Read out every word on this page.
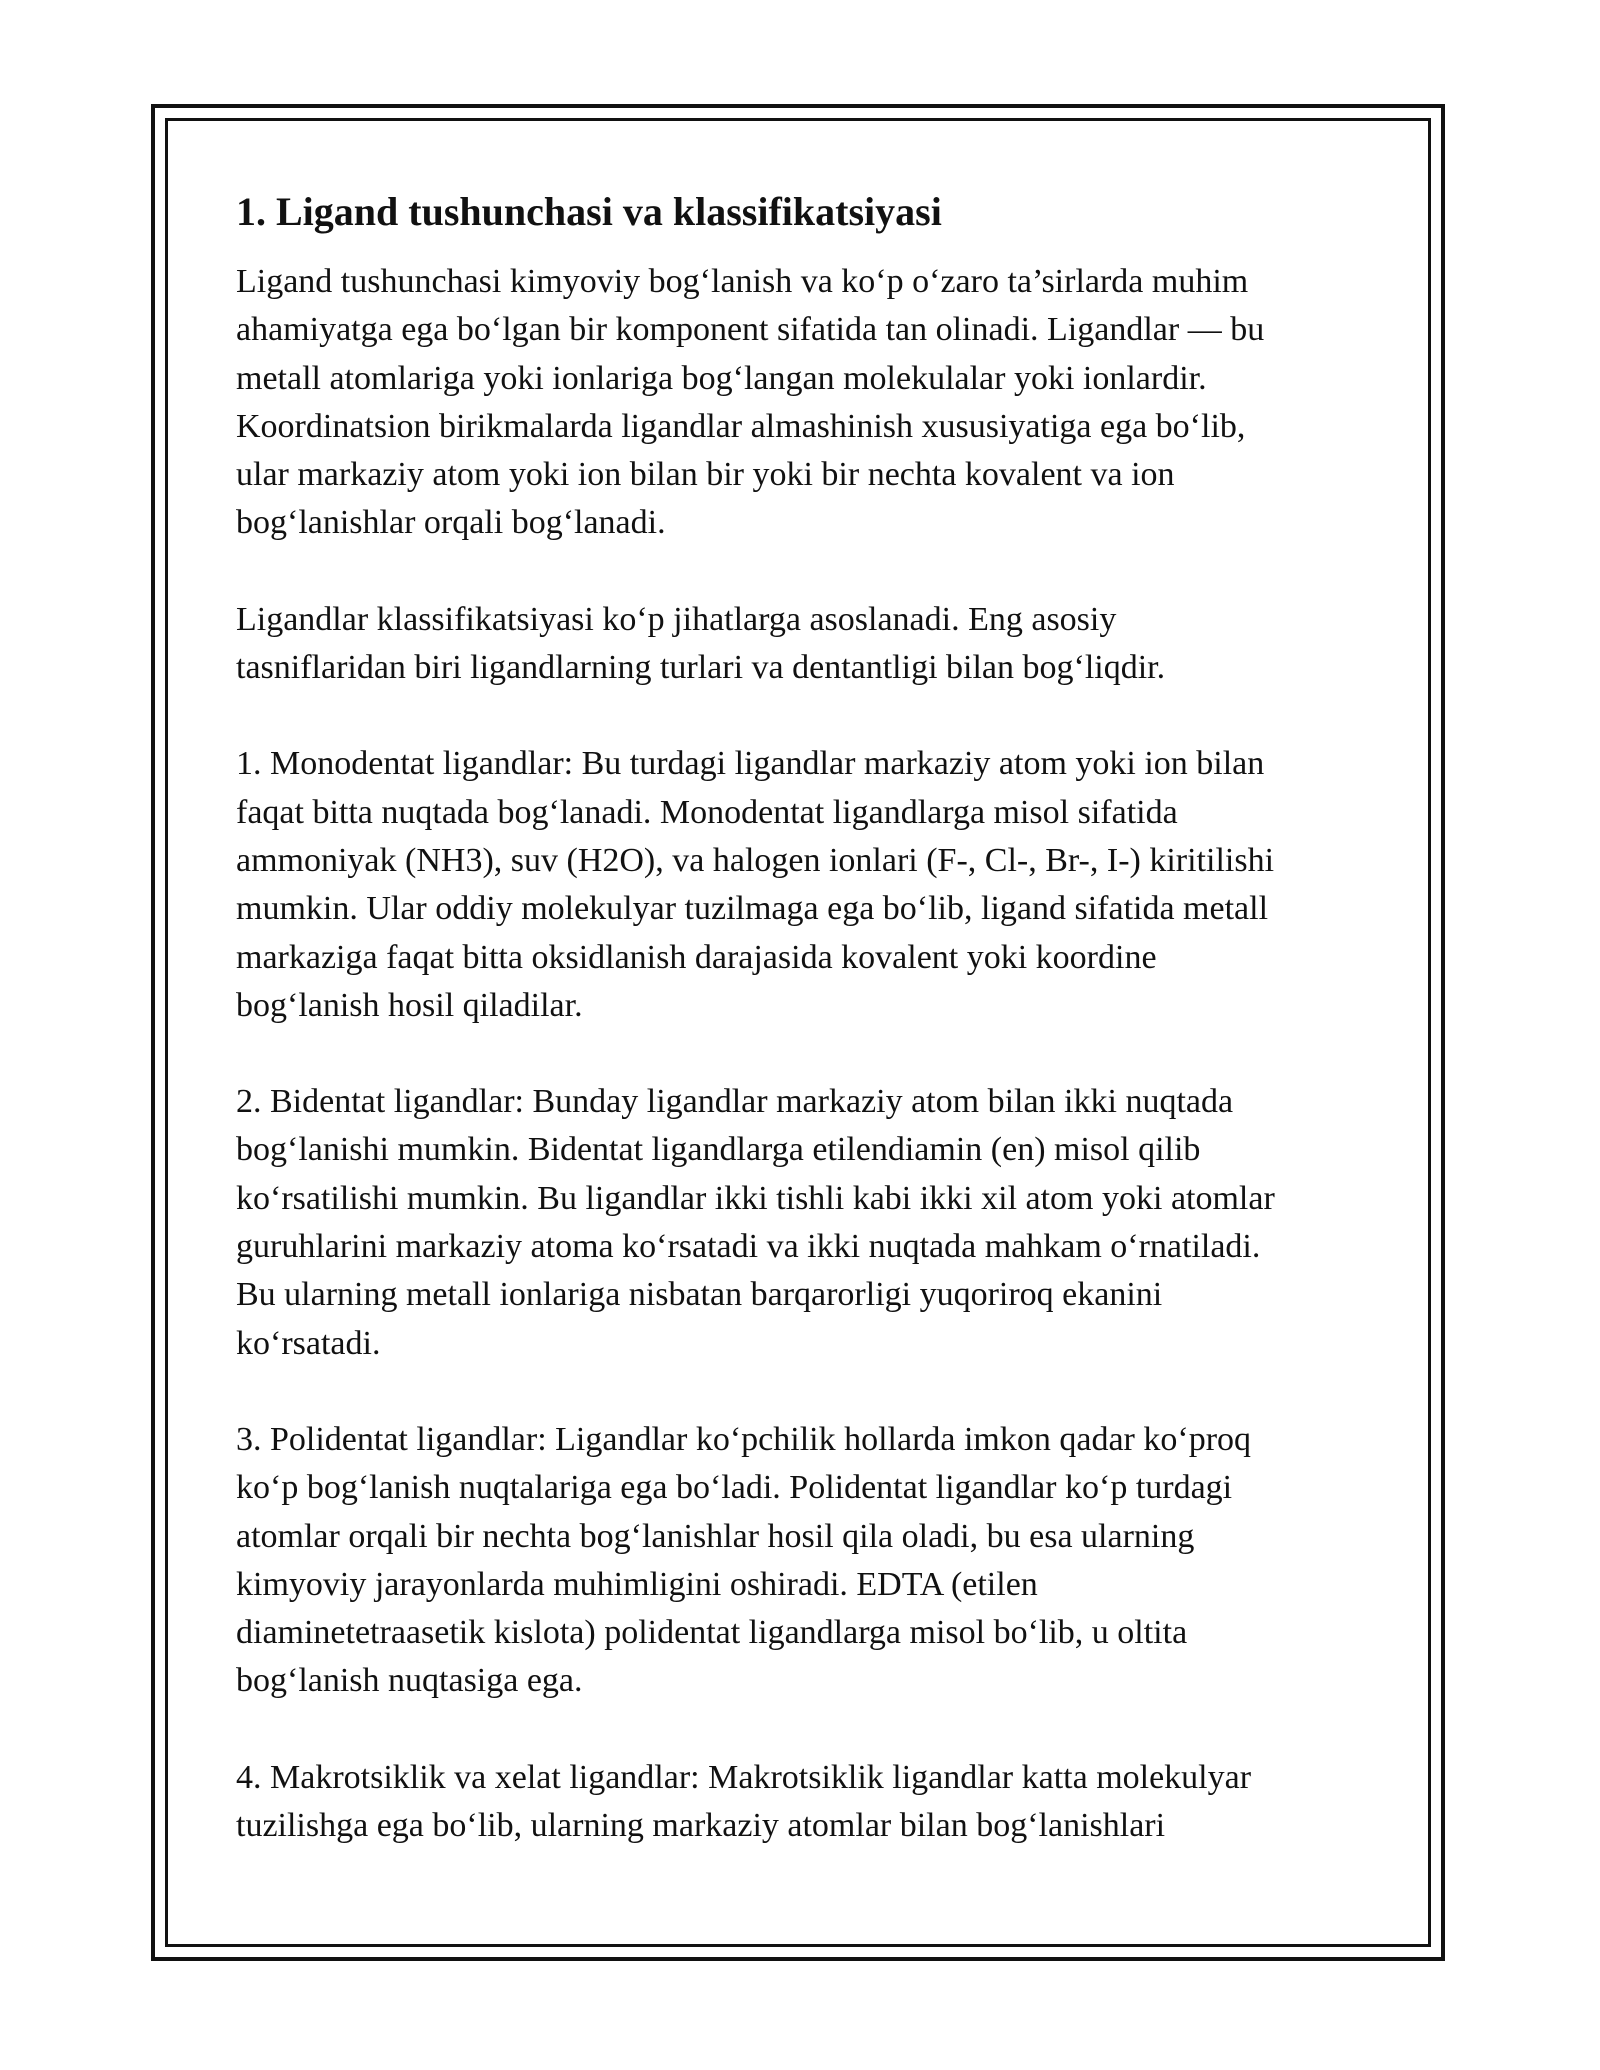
1. Ligand tushunchasi va klassifikatsiyasi
Ligand tushunchasi kimyoviy bog‘lanish va ko‘p o‘zaro ta’sirlarda muhim
ahamiyatga ega bo‘lgan bir komponent sifatida tan olinadi. Ligandlar — bu
metall atomlariga yoki ionlariga bog‘langan molekulalar yoki ionlardir.
Koordinatsion birikmalarda ligandlar almashinish xususiyatiga ega bo‘lib,
ular markaziy atom yoki ion bilan bir yoki bir nechta kovalent va ion
bog‘lanishlar orqali bog‘lanadi.
Ligandlar klassifikatsiyasi ko‘p jihatlarga asoslanadi. Eng asosiy
tasniflaridan biri ligandlarning turlari va dentantligi bilan bog‘liqdir.
1. Monodentat ligandlar: Bu turdagi ligandlar markaziy atom yoki ion bilan
faqat bitta nuqtada bog‘lanadi. Monodentat ligandlarga misol sifatida
ammoniyak (NH3), suv (H2O), va halogen ionlari (F-, Cl-, Br-, I-) kiritilishi
mumkin. Ular oddiy molekulyar tuzilmaga ega bo‘lib, ligand sifatida metall
markaziga faqat bitta oksidlanish darajasida kovalent yoki koordine
bog‘lanish hosil qiladilar.
2. Bidentat ligandlar: Bunday ligandlar markaziy atom bilan ikki nuqtada
bog‘lanishi mumkin. Bidentat ligandlarga etilendiamin (en) misol qilib
ko‘rsatilishi mumkin. Bu ligandlar ikki tishli kabi ikki xil atom yoki atomlar
guruhlarini markaziy atoma ko‘rsatadi va ikki nuqtada mahkam o‘rnatiladi.
Bu ularning metall ionlariga nisbatan barqarorligi yuqoriroq ekanini
ko‘rsatadi.
3. Polidentat ligandlar: Ligandlar ko‘pchilik hollarda imkon qadar ko‘proq
ko‘p bog‘lanish nuqtalariga ega bo‘ladi. Polidentat ligandlar ko‘p turdagi
atomlar orqali bir nechta bog‘lanishlar hosil qila oladi, bu esa ularning
kimyoviy jarayonlarda muhimligini oshiradi. EDTA (etilen
diaminetetraasetik kislota) polidentat ligandlarga misol bo‘lib, u oltita
bog‘lanish nuqtasiga ega.
4. Makrotsiklik va xelat ligandlar: Makrotsiklik ligandlar katta molekulyar
tuzilishga ega bo‘lib, ularning markaziy atomlar bilan bog‘lanishlari
